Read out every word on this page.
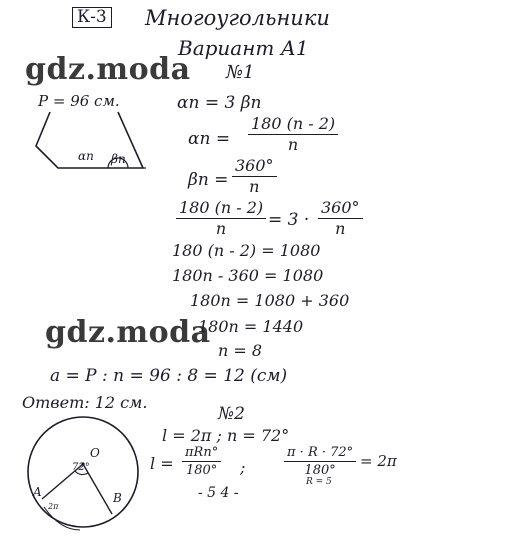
К-3 Многоугольники
Вариант А1
gdz.moda
gdz.moda
№1
P = 96 см.
αn βn
αn = 3 βn
$\alpha n = \frac{180 (n - 2)}{n}$
$\beta n = \frac{360^\circ}{n}$
$\frac{180 (n - 2)}{n} = 3 \cdot \frac{360^\circ}{n}$
180 (n - 2) = 1080
180n - 360 = 1080
180n = 1080 + 360
180n = 1440
n = 8
a = P : n = 96 : 8 = 12 (см)
Ответ: 12 см.
№2
l = 2π ; n = 72°
l =
πRn°
180° ;	$\frac{\pi \cdot R \cdot 72^\circ}{180^\circ} = 2\pi$
R = 5
- 5 4 -
O
A	B
72°
2π
